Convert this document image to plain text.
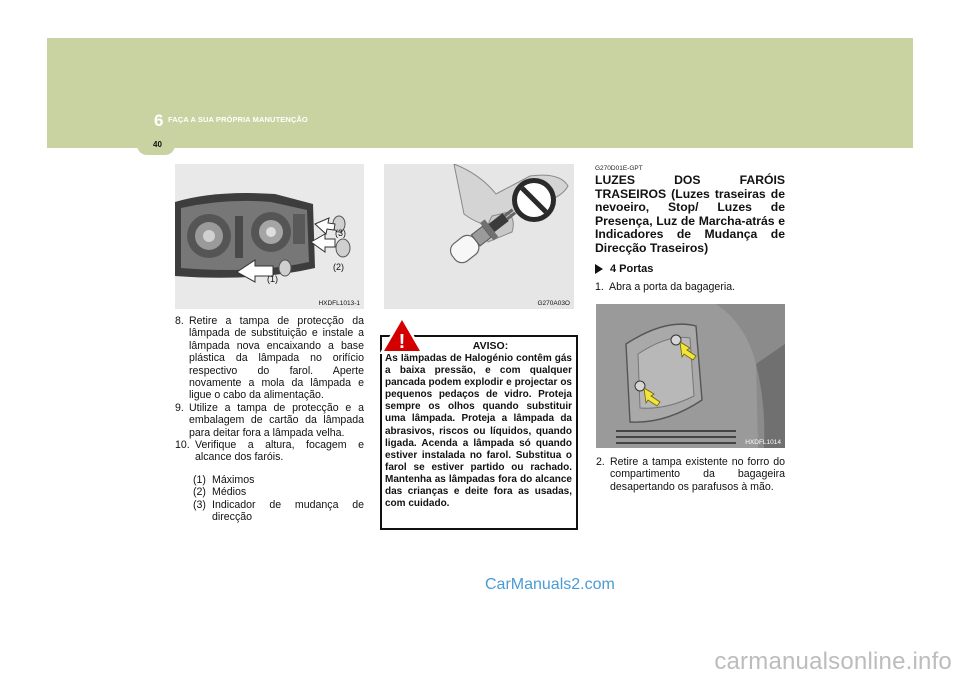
6 FAÇA A SUA PRÓPRIA MANUTENÇÃO
40
(1)
(2)
(3)
HXDFL1013-1	G270A03O
HXDFL1014
8. Retire a tampa de protecção da lâmpada de substituição e instale a lâmpada nova encaixando a base plástica da lâmpada no orifício respectivo do farol. Aperte novamente a mola da lâmpada e ligue o cabo da alimentação.
9. Utilize a tampa de protecção e a embalagem de cartão da lâmpada para deitar fora a lâmpada velha.
10. Verifique a altura, focagem e alcance dos faróis.
(1) Máximos
(2) Médios
(3) Indicador de mudança de direcção
AVISO:
As lâmpadas de Halogénio contêm gás a baixa pressão, e com qualquer pancada podem explodir e projectar os pequenos pedaços de vidro. Proteja sempre os olhos quando substituir uma lâmpada. Proteja a lâmpada da abrasivos, riscos ou líquidos, quando ligada. Acenda a lâmpada só quando estiver instalada no farol. Substitua o farol se estiver partido ou rachado. Mantenha as lâmpadas fora do alcance das crianças e deite fora as usadas, com cuidado.
!
G270D01E-GPT
LUZES DOS FARÓIS TRASEIROS (Luzes traseiras de nevoeiro, Stop/ Luzes de Presença, Luz de Marcha-atrás e Indicadores de Mudança de Direcção Traseiros)
4 Portas
1. Abra a porta da bagageria.
2. Retire a tampa existente no forro do compartimento da bagageira desapertando os parafusos à mão.
CarManuals2.com
carmanualsonline.info
